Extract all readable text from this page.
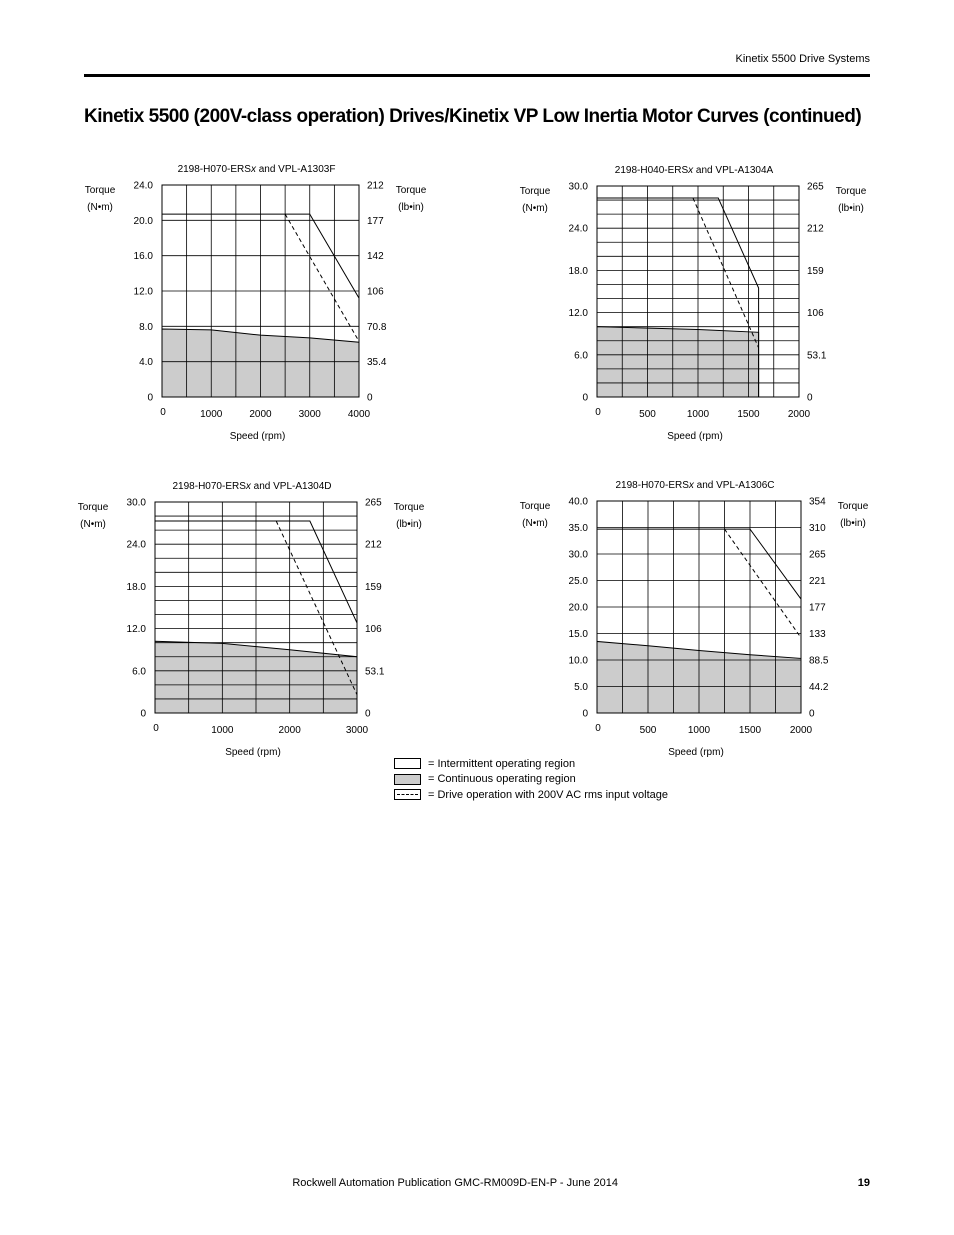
Kinetix 5500 Drive Systems
Kinetix 5500 (200V-class operation) Drives/Kinetix VP Low Inertia Motor Curves (continued)
2198-H070-ERSx and VPL-A1303F
0
4.0
8.0
12.0
16.0
20.0
24.0
0
35.4
70.8
106
142
177
212
0	1000	2000	3000	4000
Speed (rpm)
Torque
(N•m)
Torque
(lb•in)
2198-H040-ERSx and VPL-A1304A
0
6.0
12.0
18.0
24.0
30.0
0
53.1
106
159
212
265
0	500	1000	1500	2000
Speed (rpm)
Torque
(N•m)
Torque
(lb•in)
2198-H070-ERSx and VPL-A1304D
0
6.0
12.0
18.0
24.0
30.0
0
53.1
106
159
212
265
0	1000	2000	3000
Speed (rpm)
Torque
(N•m)
Torque
(lb•in)
2198-H070-ERSx and VPL-A1306C
0
5.0
10.0
15.0
20.0
25.0
30.0
35.0
40.0
0
44.2
88.5
133
177
221
265
310
354
0	500	1000	1500	2000
Speed (rpm)
Torque
(N•m)
Torque
(lb•in)
= Intermittent operating region
= Continuous operating region
= Drive operation with 200V AC rms input voltage
Rockwell Automation Publication GMC-RM009D-EN-P - June 2014	19
